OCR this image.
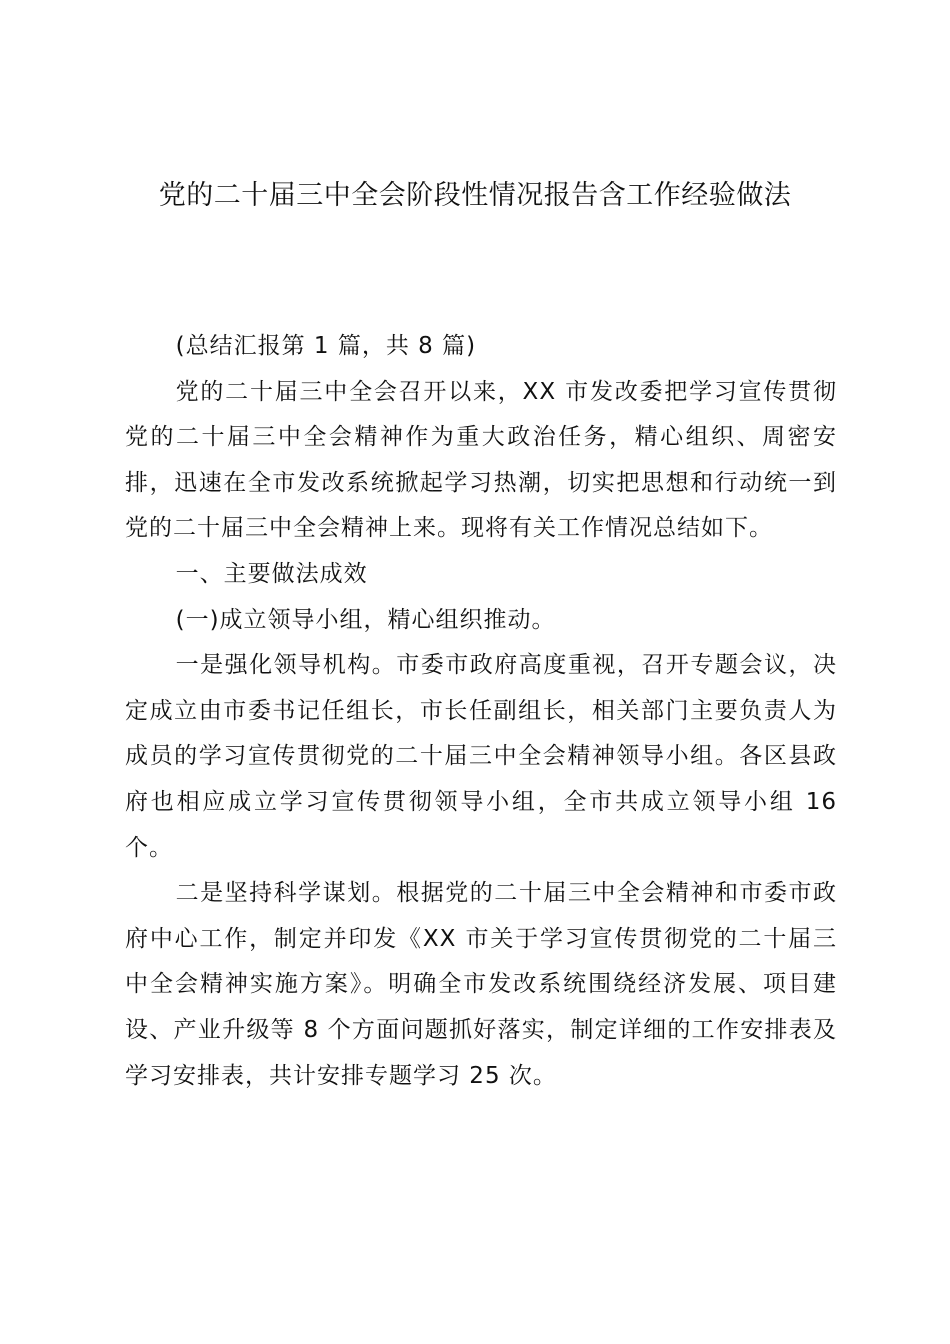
党的二十届三中全会阶段性情况报告含工作经验做法

(总结汇报第 1 篇，共 8 篇)

党的二十届三中全会召开以来，XX 市发改委把学习宣传贯彻党的二十届三中全会精神作为重大政治任务，精心组织、周密安排，迅速在全市发改系统掀起学习热潮，切实把思想和行动统一到党的二十届三中全会精神上来。现将有关工作情况总结如下。

一、主要做法成效

(一)成立领导小组，精心组织推动。

一是强化领导机构。市委市政府高度重视，召开专题会议，决定成立由市委书记任组长，市长任副组长，相关部门主要负责人为成员的学习宣传贯彻党的二十届三中全会精神领导小组。各区县政府也相应成立学习宣传贯彻领导小组，全市共成立领导小组 16 个。

二是坚持科学谋划。根据党的二十届三中全会精神和市委市政府中心工作，制定并印发《XX 市关于学习宣传贯彻党的二十届三中全会精神实施方案》。明确全市发改系统围绕经济发展、项目建设、产业升级等 8 个方面问题抓好落实，制定详细的工作安排表及学习安排表，共计安排专题学习 25 次。
